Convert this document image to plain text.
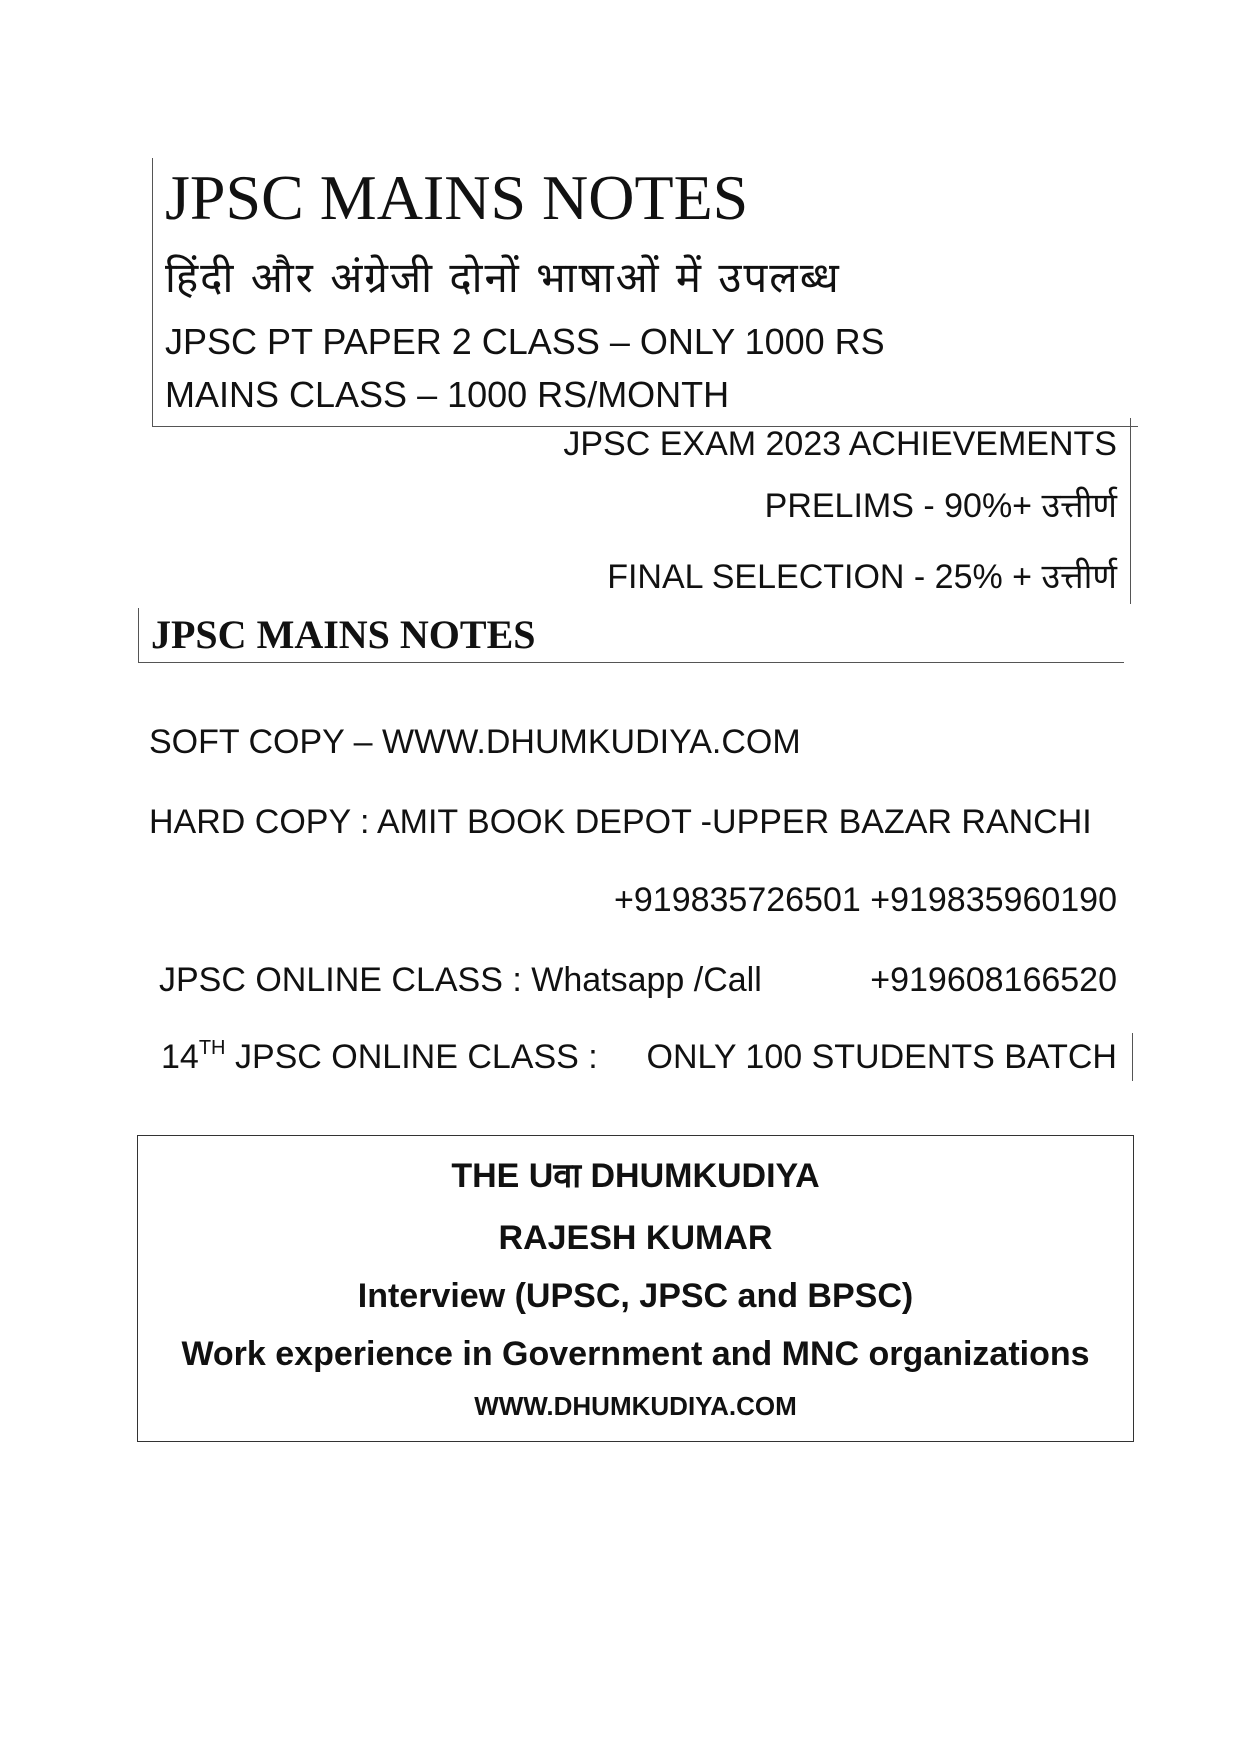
JPSC MAINS NOTES
हिंदी और अंग्रेजी दोनों भाषाओं में उपलब्ध
JPSC PT PAPER 2 CLASS – ONLY 1000 RS
MAINS CLASS – 1000 RS/MONTH
JPSC EXAM 2023 ACHIEVEMENTS
PRELIMS - 90%+ उत्तीर्ण
FINAL SELECTION - 25% + उत्तीर्ण
JPSC MAINS NOTES
SOFT COPY – WWW.DHUMKUDIYA.COM
HARD COPY : AMIT BOOK DEPOT -UPPER BAZAR RANCHI
+919835726501 +919835960190
JPSC ONLINE CLASS : Whatsapp /Call	+919608166520
14TH JPSC ONLINE CLASS : ONLY 100 STUDENTS BATCH
THE Uवा DHUMKUDIYA
RAJESH KUMAR
Interview (UPSC, JPSC and BPSC)
Work experience in Government and MNC organizations
WWW.DHUMKUDIYA.COM
